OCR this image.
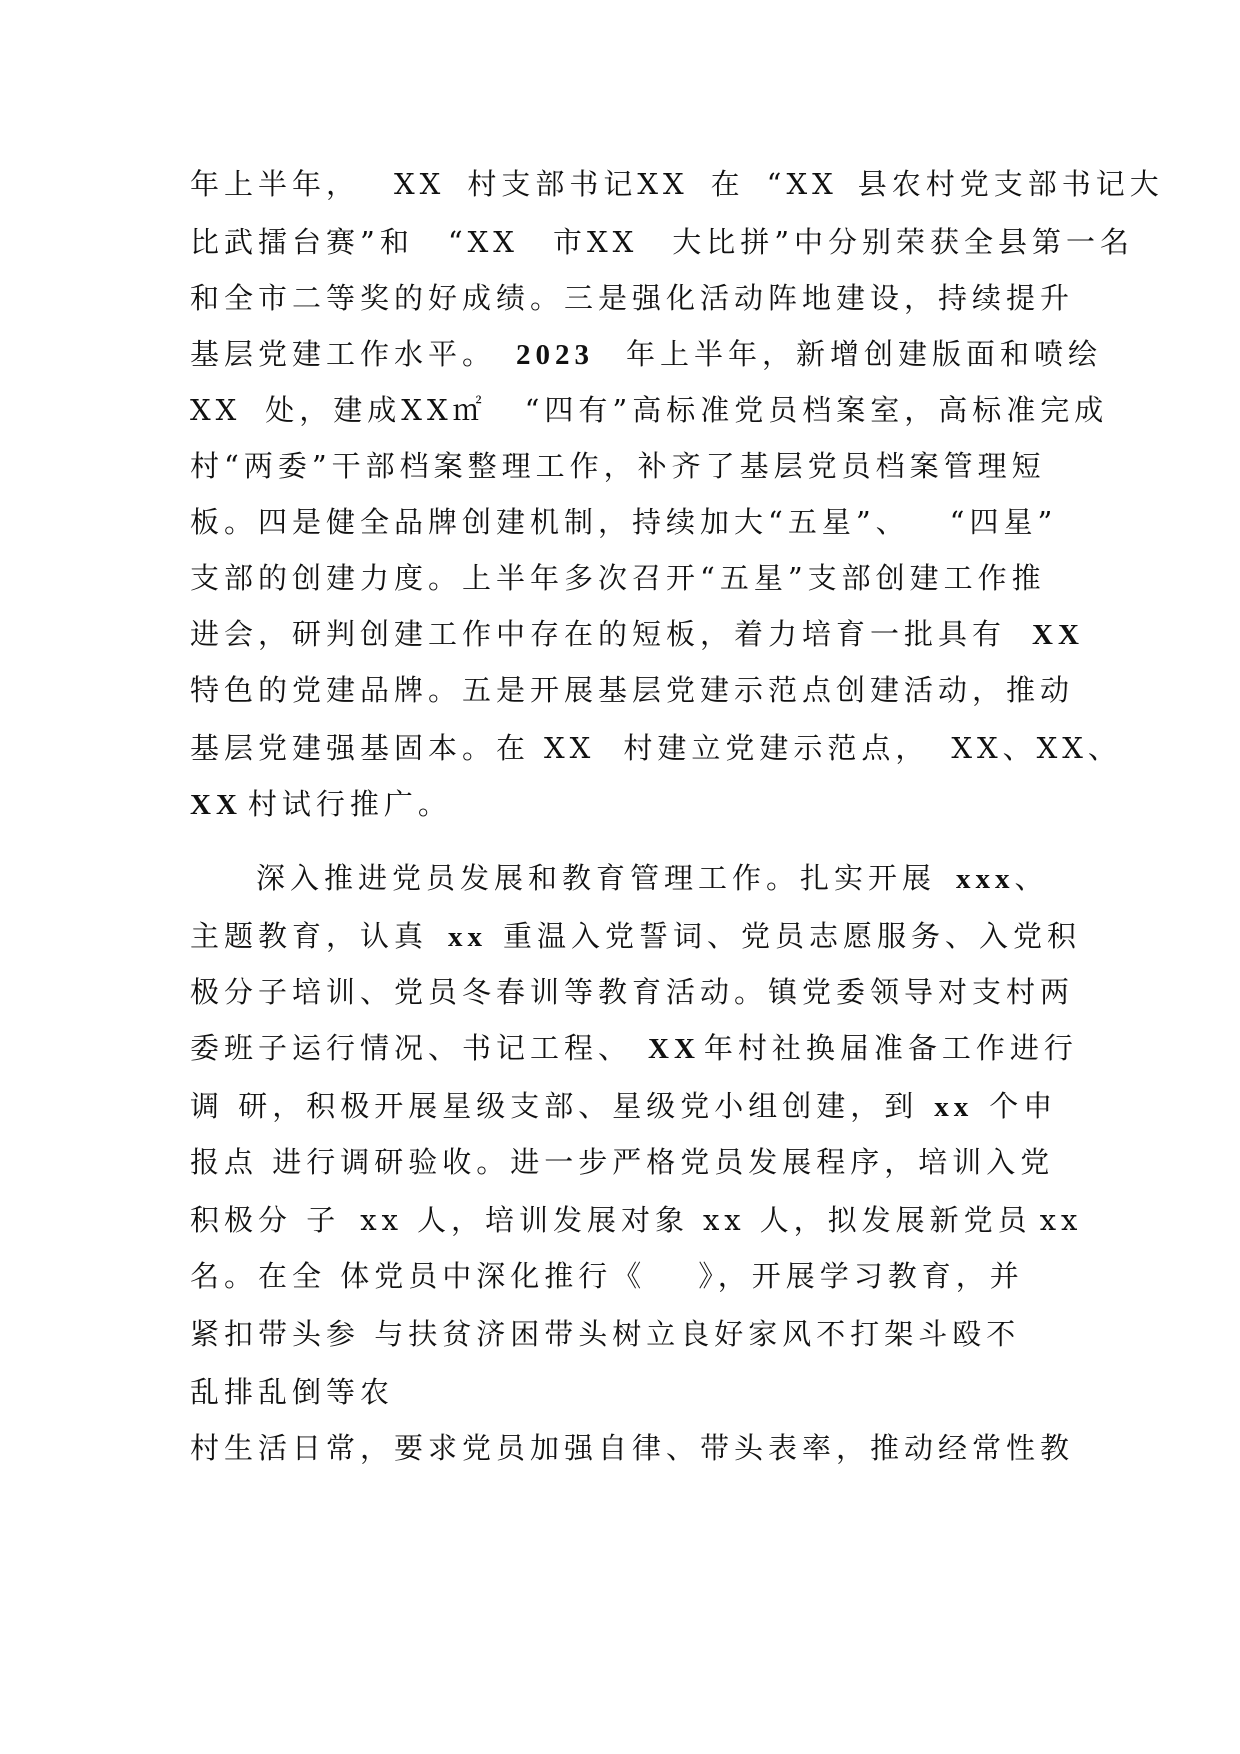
年上半年， XX 村支部书记XX 在 “XX 县农村党支部书记大
比武擂台赛”和　“XX　市XX　大比拼”中分别荣获全县第一名
和全市二等奖的好成绩。三是强化活动阵地建设，持续提升
基层党建工作水平。 2023 年上半年，新增创建版面和喷绘
XX 处，建成XX㎡ “四有”高标准党员档案室，高标准完成
村“两委”干部档案整理工作，补齐了基层党员档案管理短
板。四是健全品牌创建机制，持续加大“五星”、 “四星”
支部的创建力度。上半年多次召开“五星”支部创建工作推
进会，研判创建工作中存在的短板，着力培育一批具有 XX
特色的党建品牌。五是开展基层党建示范点创建活动，推动
基层党建强基固本。在 XX 村建立党建示范点， XX、XX、
XX 村试行推广。
深入推进党员发展和教育管理工作。扎实开展 xxx、
主题教育，认真 xx 重温入党誓词、党员志愿服务、入党积
极分子培训、党员冬春训等教育活动。镇党委领导对支村两
委班子运行情况、书记工程、 XX 年村社换届准备工作进行
调 研，积极开展星级支部、星级党小组创建，到 xx 个申
报点 进行调研验收。进一步严格党员发展程序，培训入党
积极分 子 xx 人，培训发展对象 xx 人，拟发展新党员 xx
名。在全 体党员中深化推行《 》，开展学习教育，并
紧扣带头参 与扶贫济困带头树立良好家风不打架斗殴不
乱排乱倒等农
村生活日常，要求党员加强自律、带头表率，推动经常性教
